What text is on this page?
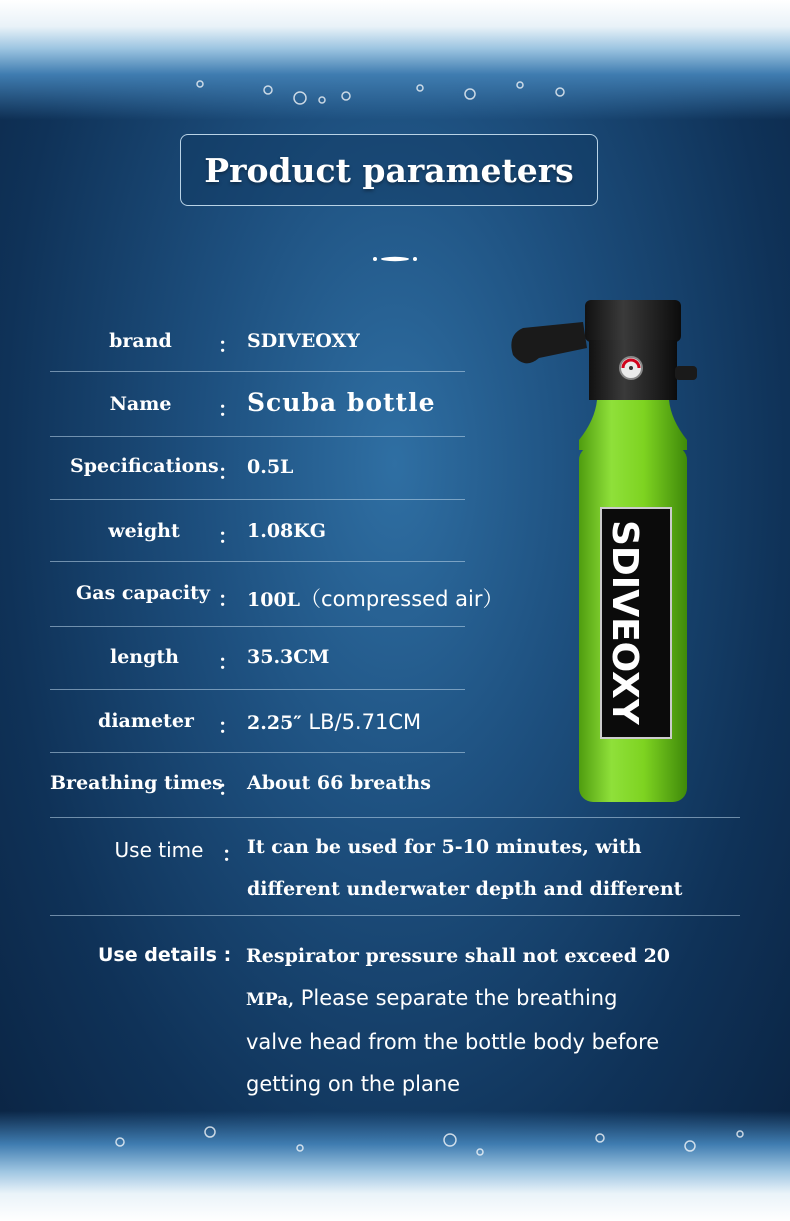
Product parameters
brand	： SDIVEOXY
Name	： Scuba bottle
Specifications ： 0.5L
weight	： 1.08KG
Gas capacity ： 100L（compressed air）
length	： 35.3CM
diameter	： 2.25″ LB/5.71CM
Breathing times
： About 66 breaths
Use time ： It can be used for 5-10 minutes, with
different underwater depth and different
Use details : Respirator pressure shall not exceed 20
MPa, Please separate the breathing
valve head from the bottle body before
getting on the plane
SDIVEOXY
